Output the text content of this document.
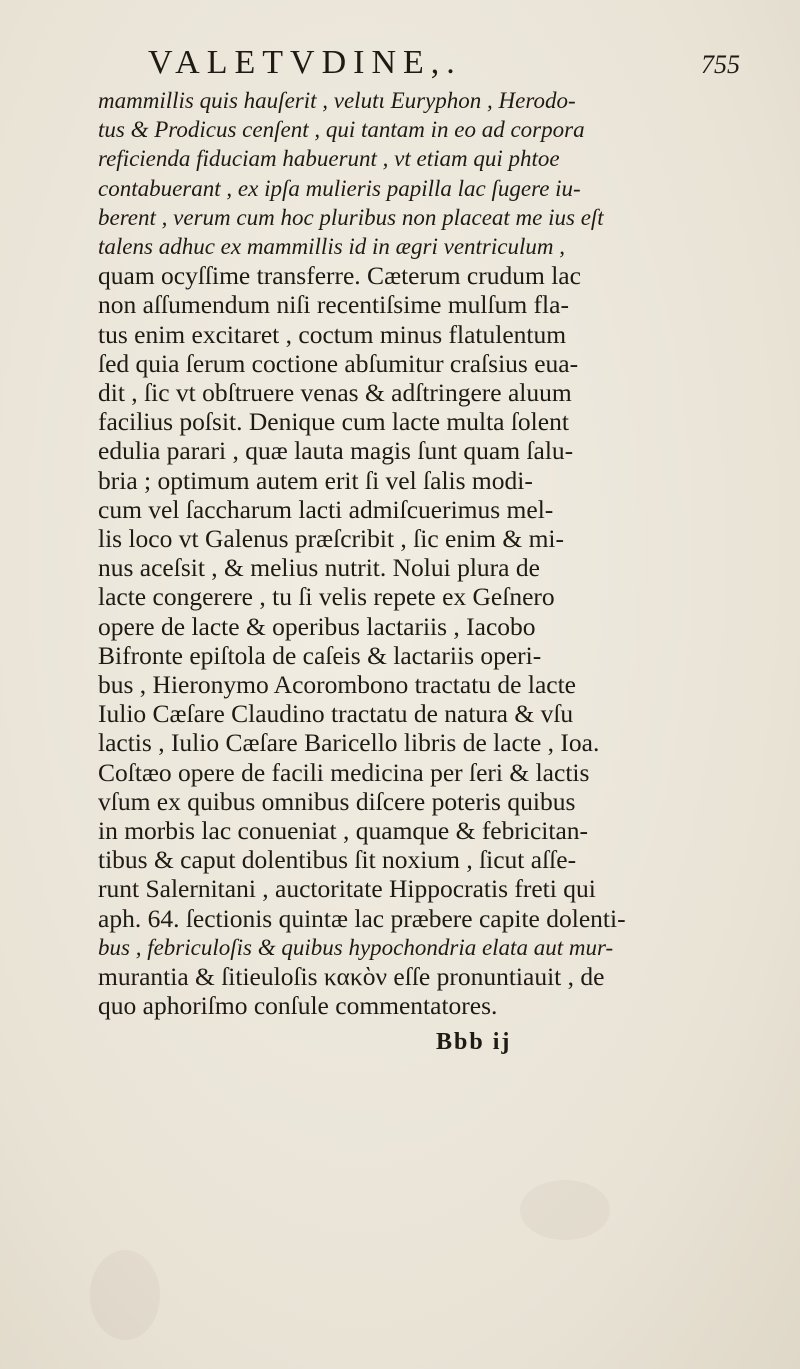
VALETVDINE,.	755
mammillis quis hauſerit , velutι Euryphon , Herodo-
tus & Prodicus cenſent , qui tantam in eo ad corpora
reficienda fiduciam habuerunt , vt etiam qui phtoe
contabuerant , ex ipſa mulieris papilla lac ſugere iu-
berent , verum cum hoc pluribus non placeat me ius eſt
talens adhuc ex mammillis id in ægri ventriculum ,
quam ocyſſime transferre. Cæterum crudum lac
non aſſumendum niſi recentiſsime mulſum fla-
tus enim excitaret , coctum minus flatulentum
ſed quia ſerum coctione abſumitur craſsius eua-
dit , ſic vt obſtruere venas & adſtringere aluum
facilius poſsit. Denique cum lacte multa ſolent
edulia parari , quæ lauta magis ſunt quam ſalu-
bria ; optimum autem erit ſi vel ſalis modi-
cum vel ſaccharum lacti admiſcuerimus mel-
lis loco vt Galenus præſcribit , ſic enim & mi-
nus aceſsit , & melius nutrit. Nolui plura de
lacte congerere , tu ſi velis repete ex Geſnero
opere de lacte & operibus lactariis , Iacobo
Bifronte epiſtola de caſeis & lactariis operi-
bus , Hieronymo Acorombono tractatu de lacte
Iulio Cæſare Claudino tractatu de natura & vſu
lactis , Iulio Cæſare Baricello libris de lacte , Ioa.
Coſtæo opere de facili medicina per ſeri & lactis
vſum ex quibus omnibus diſcere poteris quibus
in morbis lac conueniat , quamque & febricitan-
tibus & caput dolentibus ſit noxium , ſicut aſſe-
runt Salernitani , auctoritate Hippocratis freti qui
aph. 64. ſectionis quintæ lac præbere capite dolenti-
bus , febriculoſis & quibus hypochondria elata aut mur-
murantia & ſitieuloſis κακὸν eſſe pronuntiauit , de
quo aphoriſmo conſule commentatores.
Bbb ij
